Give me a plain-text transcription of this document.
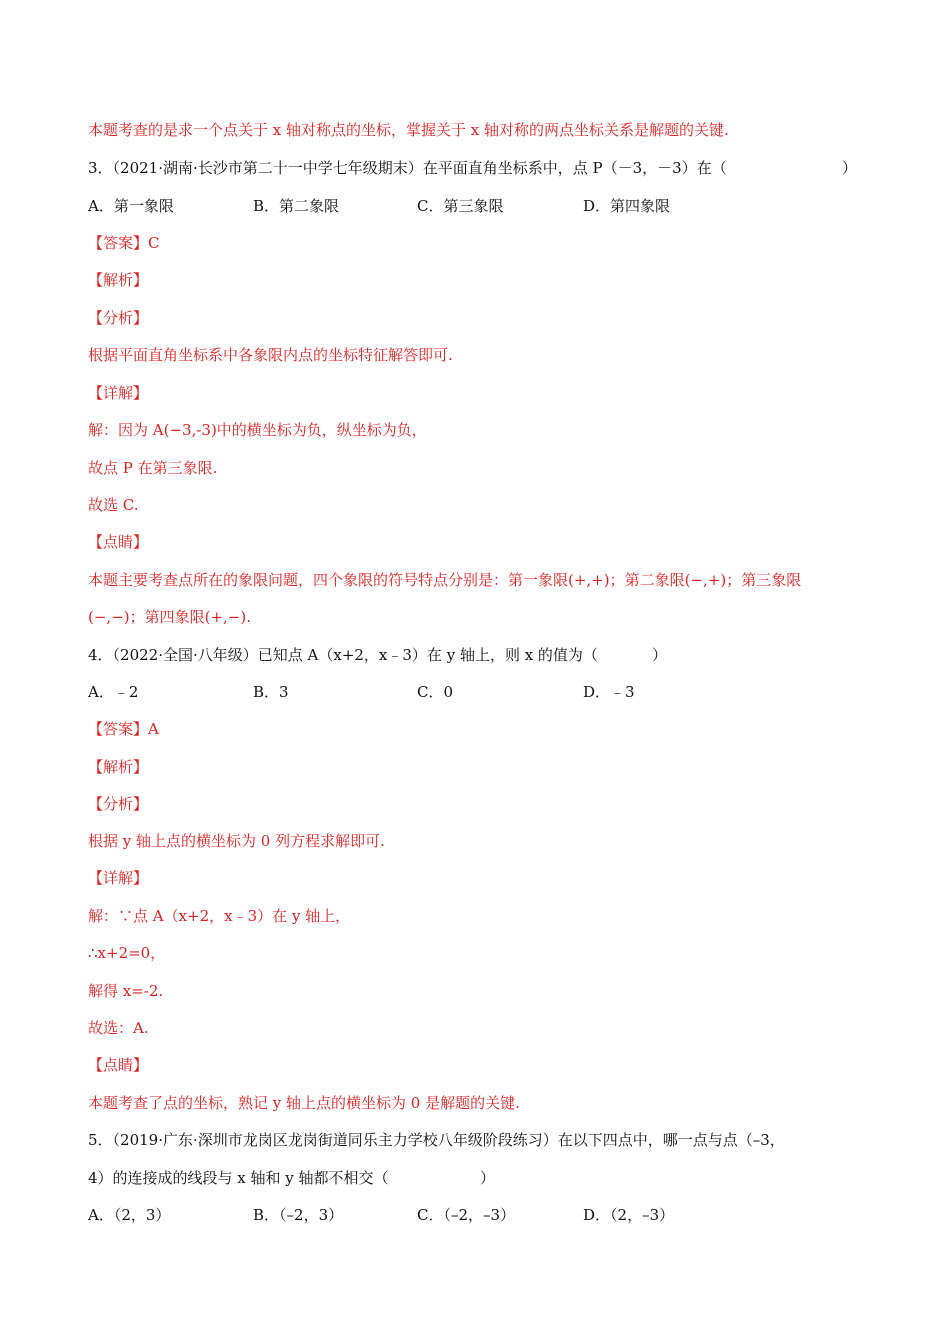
本题考查的是求一个点关于 x 轴对称点的坐标，掌握关于 x 轴对称的两点坐标关系是解题的关键.
3．（2021·湖南·长沙市第二十一中学七年级期末）在平面直角坐标系中，点 P（－3，－3）在（	）
A．第一象限	B．第二象限	C．第三象限	D．第四象限
【答案】C
【解析】
【分析】
根据平面直角坐标系中各象限内点的坐标特征解答即可.
【详解】
解：因为 A(−3,-3)中的横坐标为负，纵坐标为负，
故点 P 在第三象限.
故选 C.
【点睛】
本题主要考查点所在的象限问题，四个象限的符号特点分别是：第一象限(+,+)；第二象限(−,+)；第三象限
(−,−)；第四象限(+,−).
4．（2022·全国·八年级）已知点 A（x+2，x﹣3）在 y 轴上，则 x 的值为（	）
A．﹣2	B．3	C．0	D．﹣3
【答案】A
【解析】
【分析】
根据 y 轴上点的横坐标为 0 列方程求解即可.
【详解】
解：∵点 A（x+2，x﹣3）在 y 轴上，
∴x+2=0，
解得 x=-2.
故选：A.
【点睛】
本题考查了点的坐标，熟记 y 轴上点的横坐标为 0 是解题的关键.
5．（2019·广东·深圳市龙岗区龙岗街道同乐主力学校八年级阶段练习）在以下四点中，哪一点与点（–3，
4）的连接成的线段与 x 轴和 y 轴都不相交（	）
A．（2，3）	B．（–2，3）	C．（–2，–3）	D．（2，–3）
